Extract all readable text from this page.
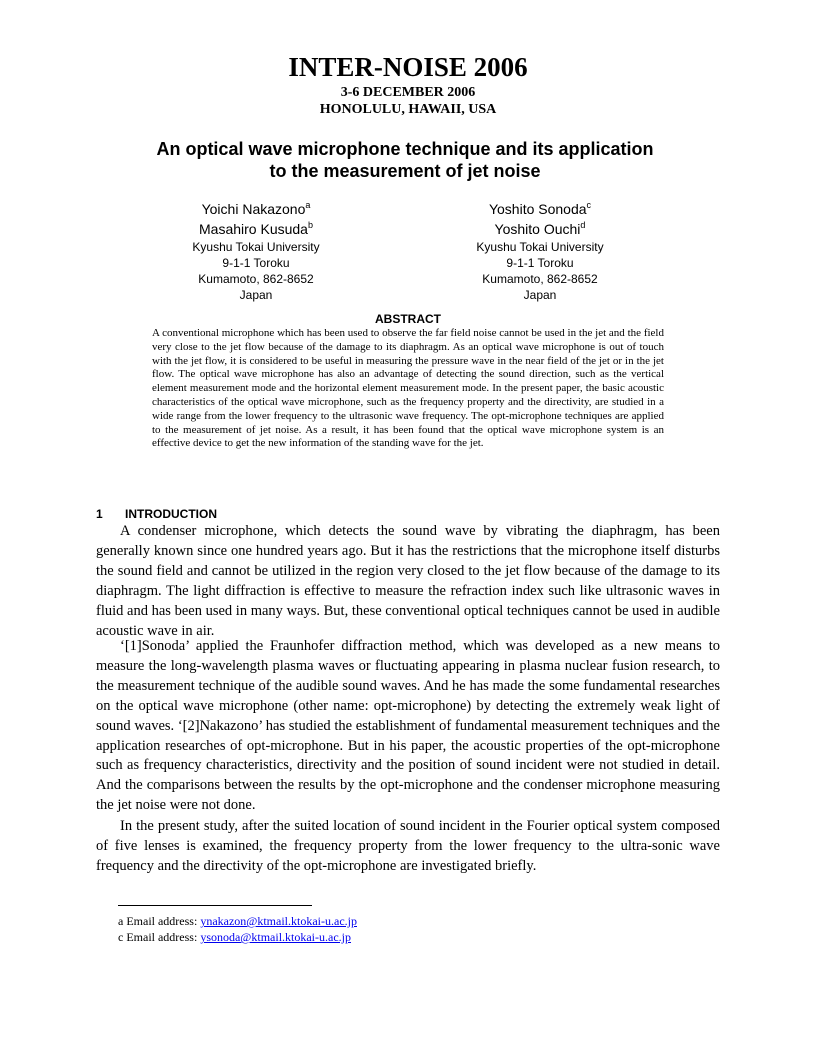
INTER-NOISE 2006
3-6 DECEMBER 2006
HONOLULU, HAWAII, USA
An optical wave microphone technique and its application
to the measurement of jet noise
Yoichi Nakazono$^a$
Masahiro Kusuda$^b$
Kyushu Tokai University
9-1-1 Toroku
Kumamoto, 862-8652
Japan
Yoshito Sonoda$^c$
Yoshito Ouchi$^d$
Kyushu Tokai University
9-1-1 Toroku
Kumamoto, 862-8652
Japan
ABSTRACT
A conventional microphone which has been used to observe the far field noise cannot be used in the jet and the field very close to the jet flow because of the damage to its diaphragm. As an optical wave microphone is out of touch with the jet flow, it is considered to be useful in measuring the pressure wave in the near field of the jet or in the jet flow. The optical wave microphone has also an advantage of detecting the sound direction, such as the vertical element measurement mode and the horizontal element measurement mode. In the present paper, the basic acoustic characteristics of the optical wave microphone, such as the frequency property and the directivity, are studied in a wide range from the lower frequency to the ultrasonic wave frequency. The opt-microphone techniques are applied to the measurement of jet noise. As a result, it has been found that the optical wave microphone system is an effective device to get the new information of the standing wave for the jet.
1 INTRODUCTION

A condenser microphone, which detects the sound wave by vibrating the diaphragm, has been generally known since one hundred years ago. But it has the restrictions that the microphone itself disturbs the sound field and cannot be utilized in the region very closed to the jet flow because of the damage to its diaphragm. The light diffraction is effective to measure the refraction index such like ultrasonic waves in fluid and has been used in many ways. But, these conventional optical techniques cannot be used in audible acoustic wave in air.

‘[1]Sonoda’ applied the Fraunhofer diffraction method, which was developed as a new means to measure the long-wavelength plasma waves or fluctuating appearing in plasma nuclear fusion research, to the measurement technique of the audible sound waves. And he has made the some fundamental researches on the optical wave microphone (other name: opt-microphone) by detecting the extremely weak light of sound waves. ‘[2]Nakazono’ has studied the establishment of fundamental measurement techniques and the application researches of opt-microphone. But in his paper, the acoustic properties of the opt-microphone such as frequency characteristics, directivity and the position of sound incident were not studied in detail. And the comparisons between the results by the opt-microphone and the condenser microphone measuring the jet noise were not done.

In the present study, after the suited location of sound incident in the Fourier optical system composed of five lenses is examined, the frequency property from the lower frequency to the ultra-sonic wave frequency and the directivity of the opt-microphone are investigated briefly.

a Email address: ynakazon@ktmail.ktokai-u.ac.jp
c Email address: ysonoda@ktmail.ktokai-u.ac.jp
